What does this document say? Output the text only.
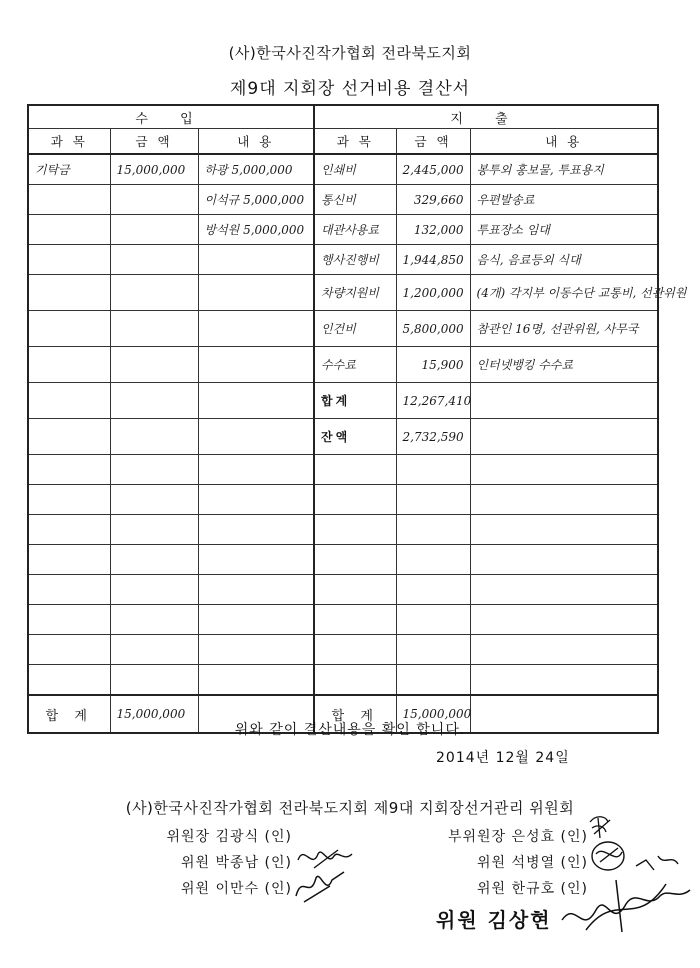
(사)한국사진작가협회 전라북도지회
제9대 지회장 선거비용 결산서
수 입			지 출		
과 목	금 액	내 용	과 목	금 액	내 용
기탁금	15,000,000	하광 5,000,000	인쇄비	2,445,000	봉투외 홍보물, 투표용지
		이석규 5,000,000	통신비	329,660	우편발송료
		방석원 5,000,000	대관사용료	132,000	투표장소 임대
			행사진행비	1,944,850	음식, 음료등외 식대
			차량지원비	1,200,000	(4개) 각지부 이동수단 교통비, 선관위원
			인건비	5,800,000	참관인 16명, 선관위원, 사무국
			수수료	15,900	인터넷뱅킹 수수료
			합계	12,267,410	
			잔액	2,732,590	

합 계	15,000,000		합 계	15,000,000	
위와 같이 결산내용을 확인 합니다.
2014년 12월 24일
(사)한국사진작가협회 전라북도지회 제9대 지회장선거관리 위원회
위원장 김광식 (인)
위원 박종남 (인)
위원 이만수 (인)
부위원장 은성효 (인)
위원 석병열 (인)
위원 한규호 (인)
위원 김상현
